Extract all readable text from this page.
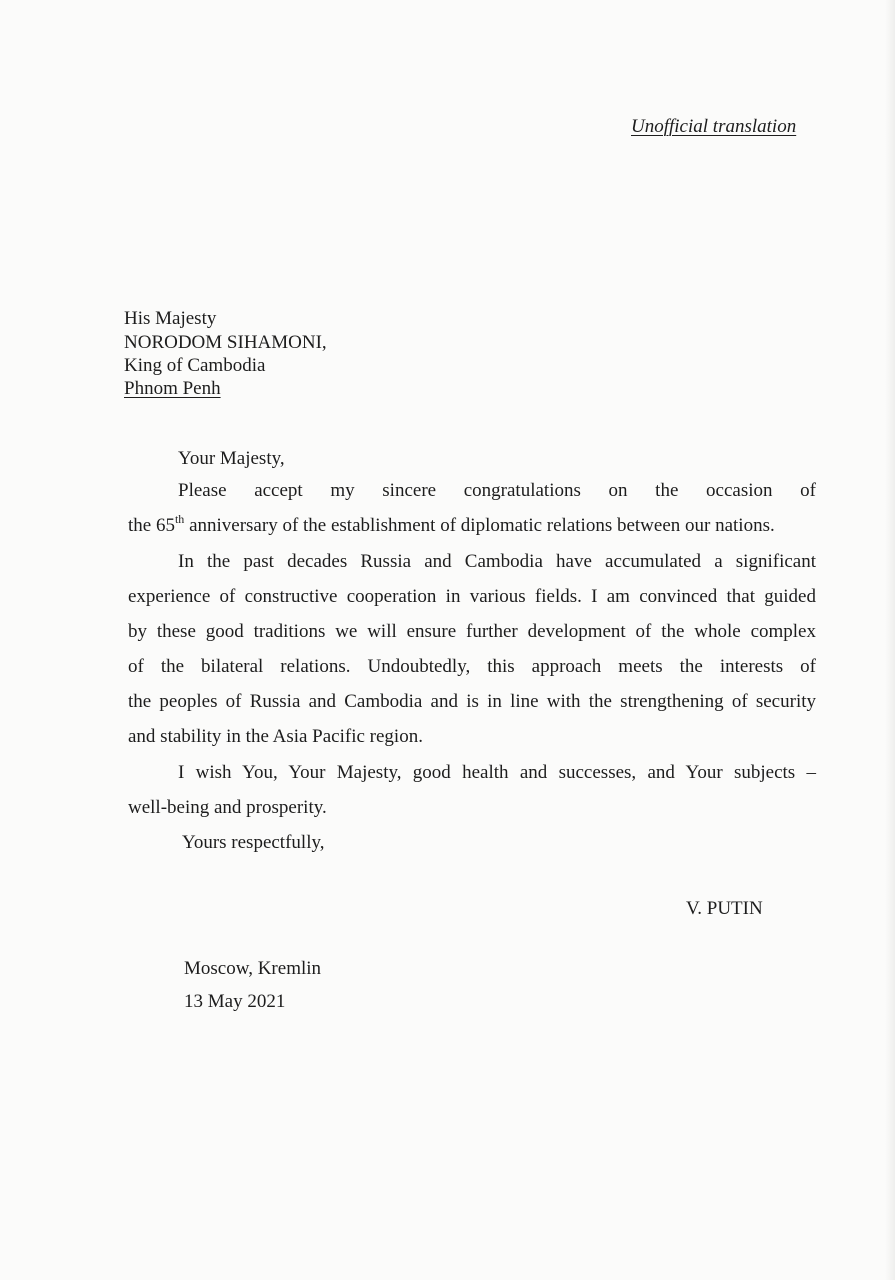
Unofficial translation
His Majesty
NORODOM SIHAMONI,
King of Cambodia
Phnom Penh
Your Majesty,
Please accept my sincere congratulations on the occasion of
the 65th anniversary of the establishment of diplomatic relations between our nations.
In the past decades Russia and Cambodia have accumulated a significant
experience of constructive cooperation in various fields. I am convinced that guided
by these good traditions we will ensure further development of the whole complex
of the bilateral relations. Undoubtedly, this approach meets the interests of
the peoples of Russia and Cambodia and is in line with the strengthening of security
and stability in the Asia Pacific region.
I wish You, Your Majesty, good health and successes, and Your subjects –
well-being and prosperity.
Yours respectfully,
V. PUTIN
Moscow, Kremlin
13 May 2021
